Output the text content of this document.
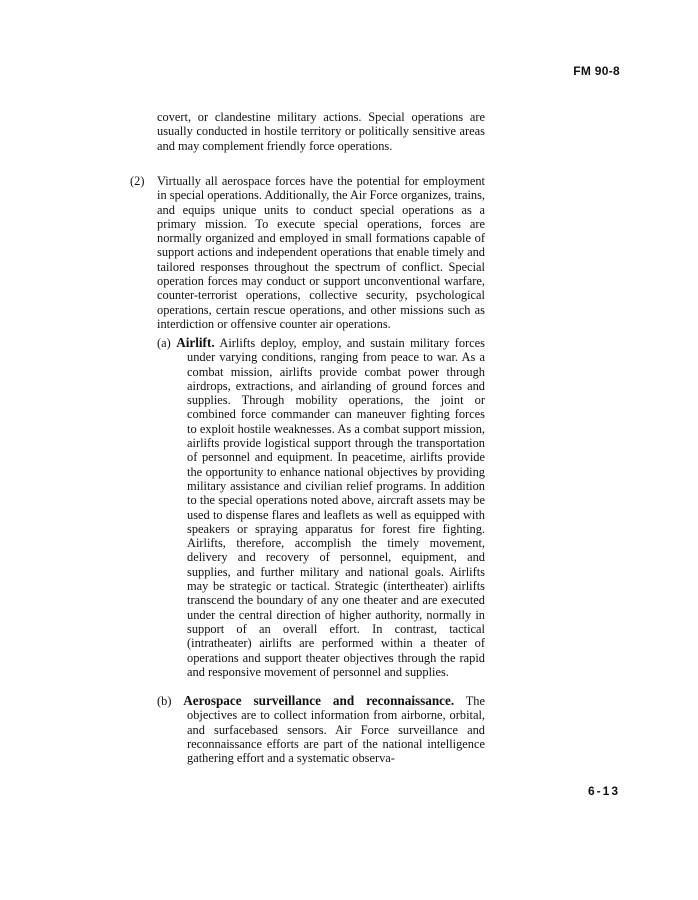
FM 90-8

covert, or clandestine military actions. Special operations are usually conducted in hostile territory or politically sensitive areas and may complement friendly force operations.

(2) Virtually all aerospace forces have the potential for employment in special operations. Additionally, the Air Force organizes, trains, and equips unique units to conduct special operations as a primary mission. To execute special operations, forces are normally organized and employed in small formations capable of support actions and independent operations that enable timely and tailored responses throughout the spectrum of conflict. Special operation forces may conduct or support unconventional warfare, counter-terrorist operations, collective security, psychological operations, certain rescue operations, and other missions such as interdiction or offensive counter air operations.

(a) Airlift. Airlifts deploy, employ, and sustain military forces under varying conditions, ranging from peace to war. As a combat mission, airlifts provide combat power through airdrops, extractions, and airlanding of ground forces and supplies. Through mobility operations, the joint or combined force commander can maneuver fighting forces to exploit hostile weaknesses. As a combat support mission, airlifts provide logistical support through the transportation of personnel and equipment. In peacetime, airlifts provide the opportunity to enhance national objectives by providing military assistance and civilian relief programs. In addition to the special operations noted above, aircraft assets may be used to dispense flares and leaflets as well as equipped with speakers or spraying apparatus for forest fire fighting. Airlifts, therefore, accomplish the timely movement, delivery and recovery of personnel, equipment, and supplies, and further military and national goals. Airlifts may be strategic or tactical. Strategic (intertheater) airlifts transcend the boundary of any one theater and are executed under the central direction of higher authority, normally in support of an overall effort. In contrast, tactical (intratheater) airlifts are performed within a theater of operations and support theater objectives through the rapid and responsive movement of personnel and supplies.

(b) Aerospace surveillance and reconnaissance. The objectives are to collect information from airborne, orbital, and surfacebased sensors. Air Force surveillance and reconnaissance efforts are part of the national intelligence gathering effort and a systematic observa-

6-13
